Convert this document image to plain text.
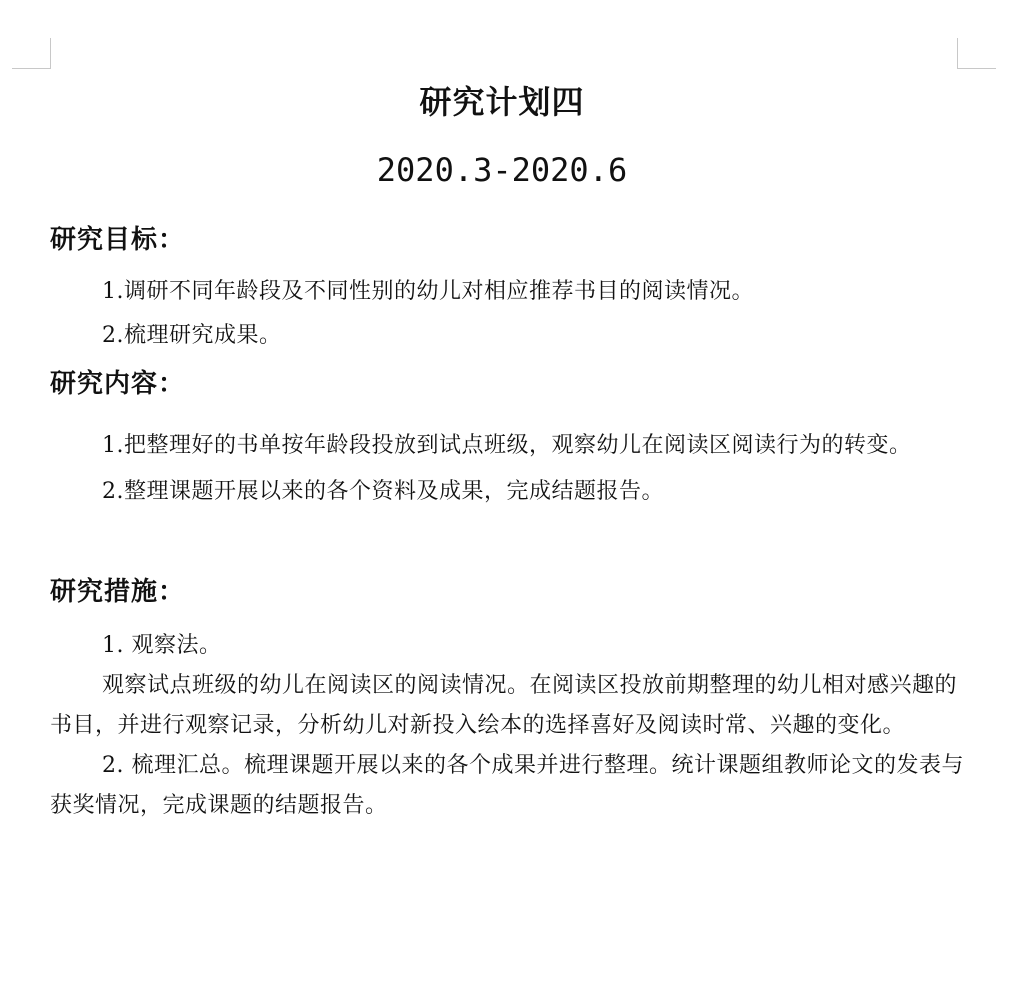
研究计划四
2020.3-2020.6

研究目标：

1.调研不同年龄段及不同性别的幼儿对相应推荐书目的阅读情况。

2.梳理研究成果。

研究内容：

1.把整理好的书单按年龄段投放到试点班级，观察幼儿在阅读区阅读行为的转变。

2.整理课题开展以来的各个资料及成果，完成结题报告。

研究措施：

1. 观察法。

观察试点班级的幼儿在阅读区的阅读情况。在阅读区投放前期整理的幼儿相对感兴趣的书目，并进行观察记录，分析幼儿对新投入绘本的选择喜好及阅读时常、兴趣的变化。

2. 梳理汇总。梳理课题开展以来的各个成果并进行整理。统计课题组教师论文的发表与获奖情况，完成课题的结题报告。
